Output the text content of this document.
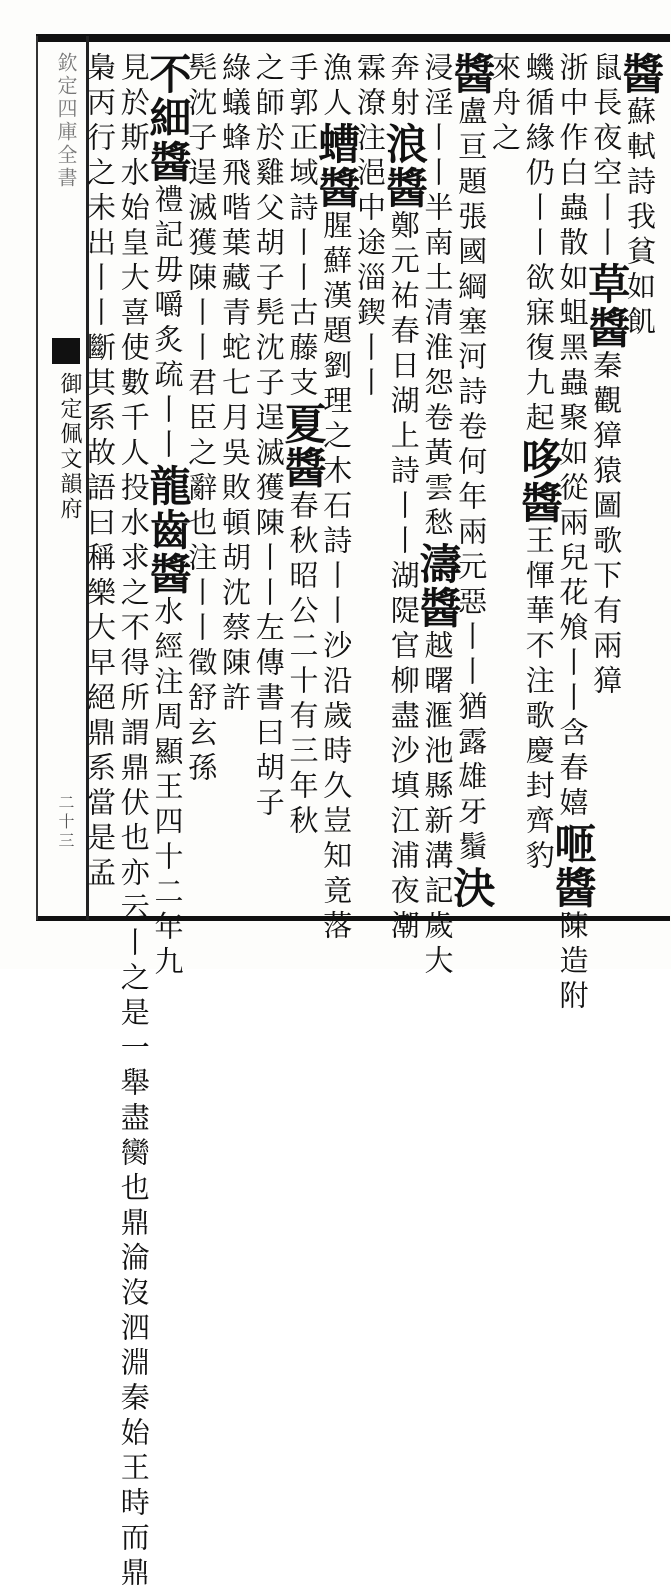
欽定四庫全書
御定佩文韻府
二十三
醬蘇軾詩我貧如飢
鼠長夜空丨丨草醬秦觀獐猿圖歌下有兩獐
浙中作白蟲散如蛆黑蟲聚如從兩兒花飧丨丨含春嬉咂醬陳造附
蟣循緣仍丨丨欲寐復九起哆醬王惲華不注歌慶封齊豹
來舟之
醬盧亘題張國綱塞河詩卷何年兩元惡丨丨猶露雄牙鬚決
浸淫丨丨半南土清淮怨卷黃雲愁濤醬越曙滙池縣新溝記歲大
奔射浪醬鄭元祐春日湖上詩丨丨湖隄官柳盡沙填江浦夜潮
霖潦注浥中途淄鍥丨丨
漁人螬醬腥蘚漢題劉理之木石詩丨丨沙沿歲時久豈知竟落
手郭正域詩丨丨古藤支夏醬春秋昭公二十有三年秋
之師於雞父胡子髡沈子逞滅獲陳丨丨左傳書曰胡子
綠蟻蜂飛喈葉藏青蛇七月吳敗頓胡沈蔡陳許
髡沈子逞滅獲陳丨丨君臣之辭也注丨丨徵舒玄孫
不細醬禮記毋嚼炙疏丨丨龍齒醬水經注周顯王四十二年九
見於斯水始皇大喜使數千人投水求之不得所謂鼎伏也亦云丨之是一舉盡臠也鼎淪沒泗淵秦始王時而鼎
梟丙行之未出丨丨斷其系故語曰稱樂大早絕鼎系當是孟
